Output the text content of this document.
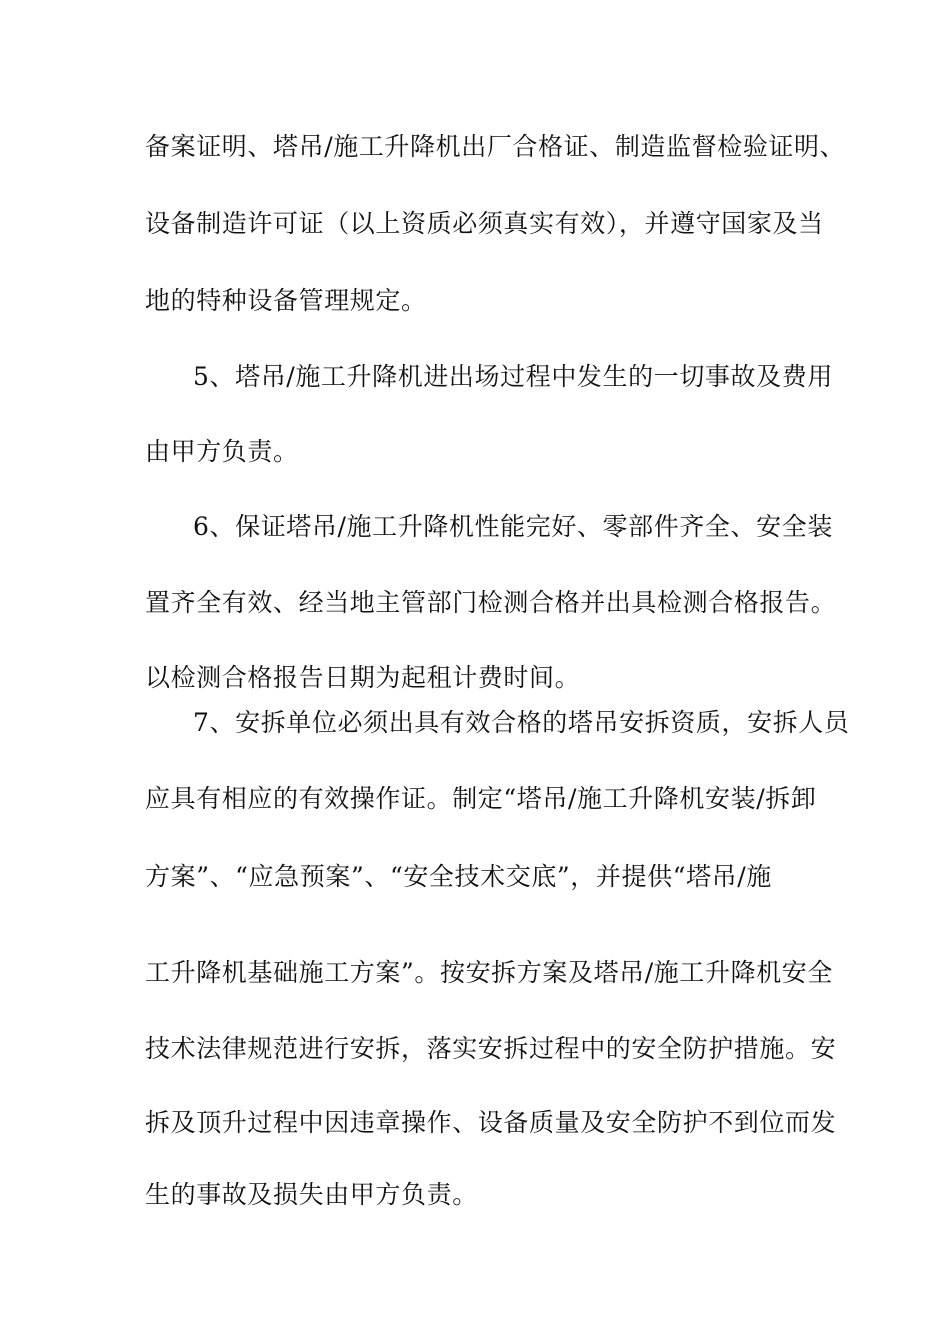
备案证明、塔吊/施工升降机出厂合格证、制造监督检验证明、
设备制造许可证（以上资质必须真实有效），并遵守国家及当
地的特种设备管理规定。
5、塔吊/施工升降机进出场过程中发生的一切事故及费用
由甲方负责。
6、保证塔吊/施工升降机性能完好、零部件齐全、安全装
置齐全有效、经当地主管部门检测合格并出具检测合格报告。
以检测合格报告日期为起租计费时间。
7、安拆单位必须出具有效合格的塔吊安拆资质，安拆人员
应具有相应的有效操作证。制定“塔吊/施工升降机安装/拆卸
方案”、“应急预案”、“安全技术交底”，并提供“塔吊/施
工升降机基础施工方案”。按安拆方案及塔吊/施工升降机安全
技术法律规范进行安拆，落实安拆过程中的安全防护措施。安
拆及顶升过程中因违章操作、设备质量及安全防护不到位而发
生的事故及损失由甲方负责。
